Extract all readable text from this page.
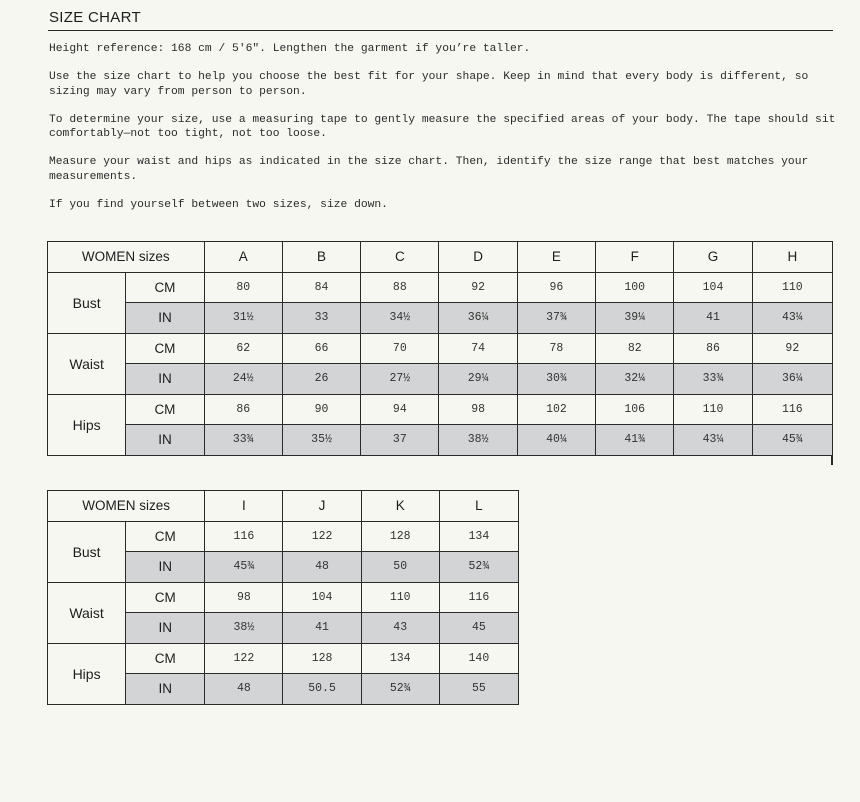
SIZE CHART

Height reference: 168 cm / 5'6". Lengthen the garment if you’re taller.

Use the size chart to help you choose the best fit for your shape. Keep in mind that every body is different, so sizing may vary from person to person.

To determine your size, use a measuring tape to gently measure the specified areas of your body. The tape should sit comfortably—not too tight, not too loose.

Measure your waist and hips as indicated in the size chart. Then, identify the size range that best matches your measurements.

If you find yourself between two sizes, size down.

WOMEN sizes		A	B	C	D	E	F	G	H
Bust	CM	80	84	88	92	96	100	104	110
	IN	31½	33	34½	36¼	37¾	39¼	41	43¼
Waist	CM	62	66	70	74	78	82	86	92
	IN	24½	26	27½	29¼	30¾	32¼	33¾	36¼
Hips	CM	86	90	94	98	102	106	110	116
	IN	33¾	35½	37	38½	40¼	41¾	43¼	45¾
WOMEN sizes		I	J	K	L
Bust	CM	116	122	128	134
	IN	45¾	48	50	52¾
Waist	CM	98	104	110	116
	IN	38½	41	43	45
Hips	CM	122	128	134	140
	IN	48	50.5	52¾	55
